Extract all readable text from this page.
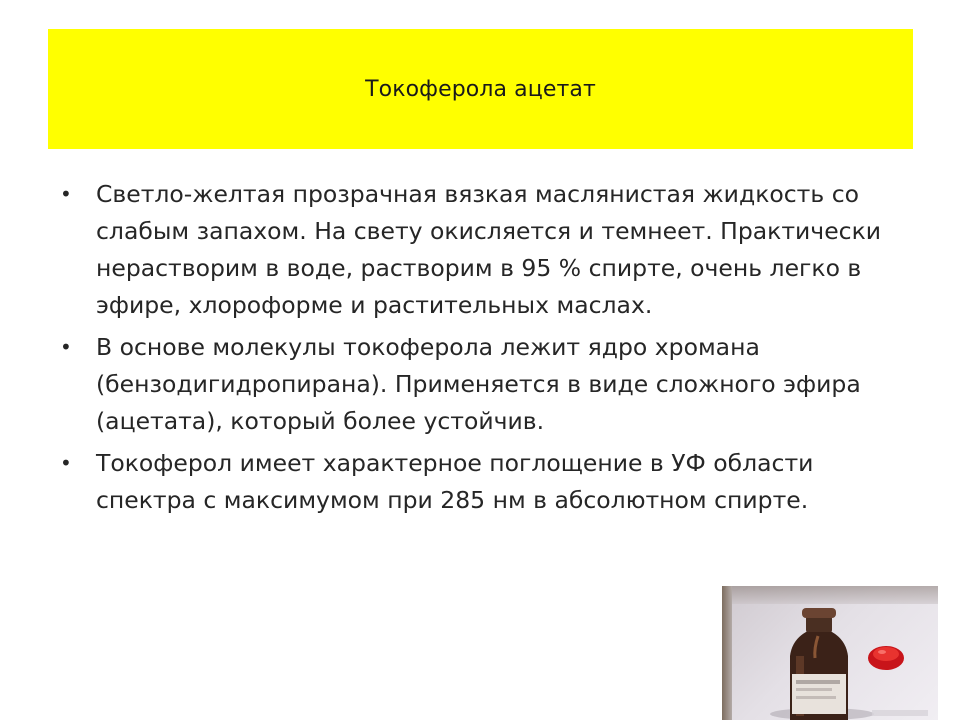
Токоферола ацетат
• Светло-желтая прозрачная вязкая маслянистая жидкость со слабым запахом. На свету окисляется и темнеет. Практически нерастворим в воде, растворим в 95 % спирте, очень легко в эфире, хлороформе и растительных маслах.
• В основе молекулы токоферола лежит ядро хромана (бензодигидропирана). Применяется в виде сложного эфира (ацетата), который более устойчив.
• Токоферол имеет характерное поглощение в УФ области спектра с максимумом при 285 нм в абсолютном спирте.
